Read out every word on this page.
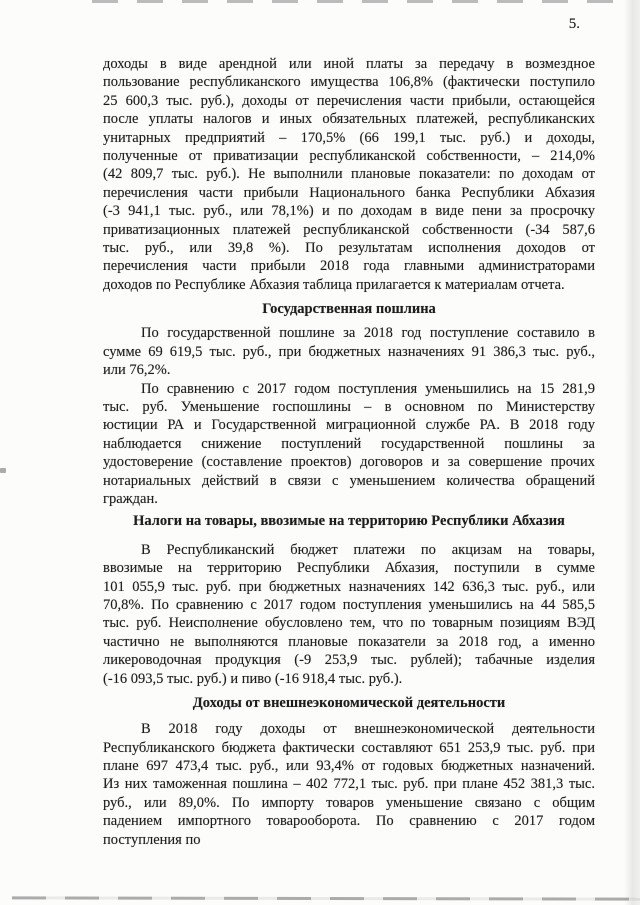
5.
доходы в виде арендной или иной платы за передачу в возмездное
пользование республиканского имущества 106,8% (фактически поступило
25 600,3 тыс. руб.), доходы от перечисления части прибыли, остающейся
после уплаты налогов и иных обязательных платежей, республиканских
унитарных предприятий – 170,5% (66 199,1 тыс. руб.) и доходы,
полученные от приватизации республиканской собственности, – 214,0%
(42 809,7 тыс. руб.). Не выполнили плановые показатели: по доходам от
перечисления части прибыли Национального банка Республики Абхазия
(-3 941,1 тыс. руб., или 78,1%) и по доходам в виде пени за просрочку
приватизационных платежей республиканской собственности (-34 587,6
тыс. руб., или 39,8 %). По результатам исполнения доходов от
перечисления части прибыли 2018 года главными администраторами
доходов по Республике Абхазия таблица прилагается к материалам отчета.
Государственная пошлина
По государственной пошлине за 2018 год поступление составило в
сумме 69 619,5 тыс. руб., при бюджетных назначениях 91 386,3 тыс. руб.,
или 76,2%.
По сравнению с 2017 годом поступления уменьшились на 15 281,9
тыс. руб. Уменьшение госпошлины – в основном по Министерству
юстиции РА и Государственной миграционной службе РА. В 2018 году
наблюдается снижение поступлений государственной пошлины за
удостоверение (составление проектов) договоров и за совершение прочих
нотариальных действий в связи с уменьшением количества обращений
граждан.
Налоги на товары, ввозимые на территорию Республики Абхазия
В Республиканский бюджет платежи по акцизам на товары,
ввозимые на территорию Республики Абхазия, поступили в сумме
101 055,9 тыс. руб. при бюджетных назначениях 142 636,3 тыс. руб., или
70,8%. По сравнению с 2017 годом поступления уменьшились на 44 585,5
тыс. руб. Неисполнение обусловлено тем, что по товарным позициям ВЭД
частично не выполняются плановые показатели за 2018 год, а именно
ликероводочная продукция (-9 253,9 тыс. рублей); табачные изделия
(-16 093,5 тыс. руб.) и пиво (-16 918,4 тыс. руб.).
Доходы от внешнеэкономической деятельности
В 2018 году доходы от внешнеэкономической деятельности
Республиканского бюджета фактически составляют 651 253,9 тыс. руб. при
плане 697 473,4 тыс. руб., или 93,4% от годовых бюджетных назначений.
Из них таможенная пошлина – 402 772,1 тыс. руб. при плане 452 381,3 тыс.
руб., или 89,0%. По импорту товаров уменьшение связано с общим
падением импортного товарооборота. По сравнению с 2017 годом
поступления по
